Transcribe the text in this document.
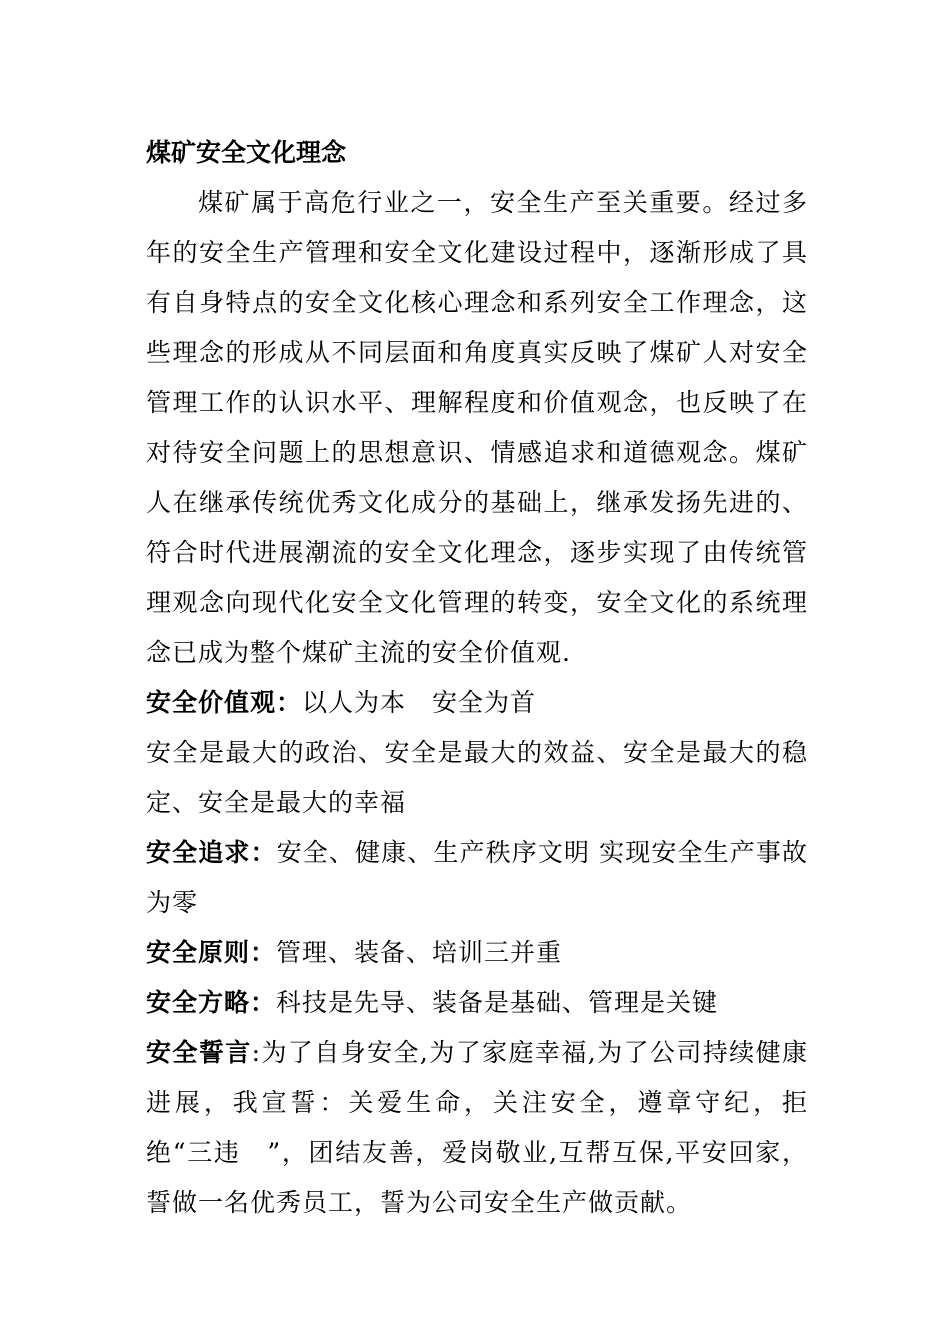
煤矿安全文化理念

煤矿属于高危行业之一，安全生产至关重要。经过多年的安全生产管理和安全文化建设过程中，逐渐形成了具有自身特点的安全文化核心理念和系列安全工作理念，这些理念的形成从不同层面和角度真实反映了煤矿人对安全管理工作的认识水平、理解程度和价值观念，也反映了在对待安全问题上的思想意识、情感追求和道德观念。煤矿人在继承传统优秀文化成分的基础上，继承发扬先进的、符合时代进展潮流的安全文化理念，逐步实现了由传统管理观念向现代化安全文化管理的转变，安全文化的系统理念已成为整个煤矿主流的安全价值观.

安全价值观：以人为本　安全为首

安全是最大的政治、安全是最大的效益、安全是最大的稳定、安全是最大的幸福

安全追求：安全、健康、生产秩序文明 实现安全生产事故为零

安全原则：管理、装备、培训三并重

安全方略：科技是先导、装备是基础、管理是关键

安全誓言:为了自身安全,为了家庭幸福,为了公司持续健康进展，我宣誓：关爱生命，关注安全，遵章守纪，拒绝“三违　”，团结友善，爱岗敬业,互帮互保,平安回家，誓做一名优秀员工，誓为公司安全生产做贡献。
